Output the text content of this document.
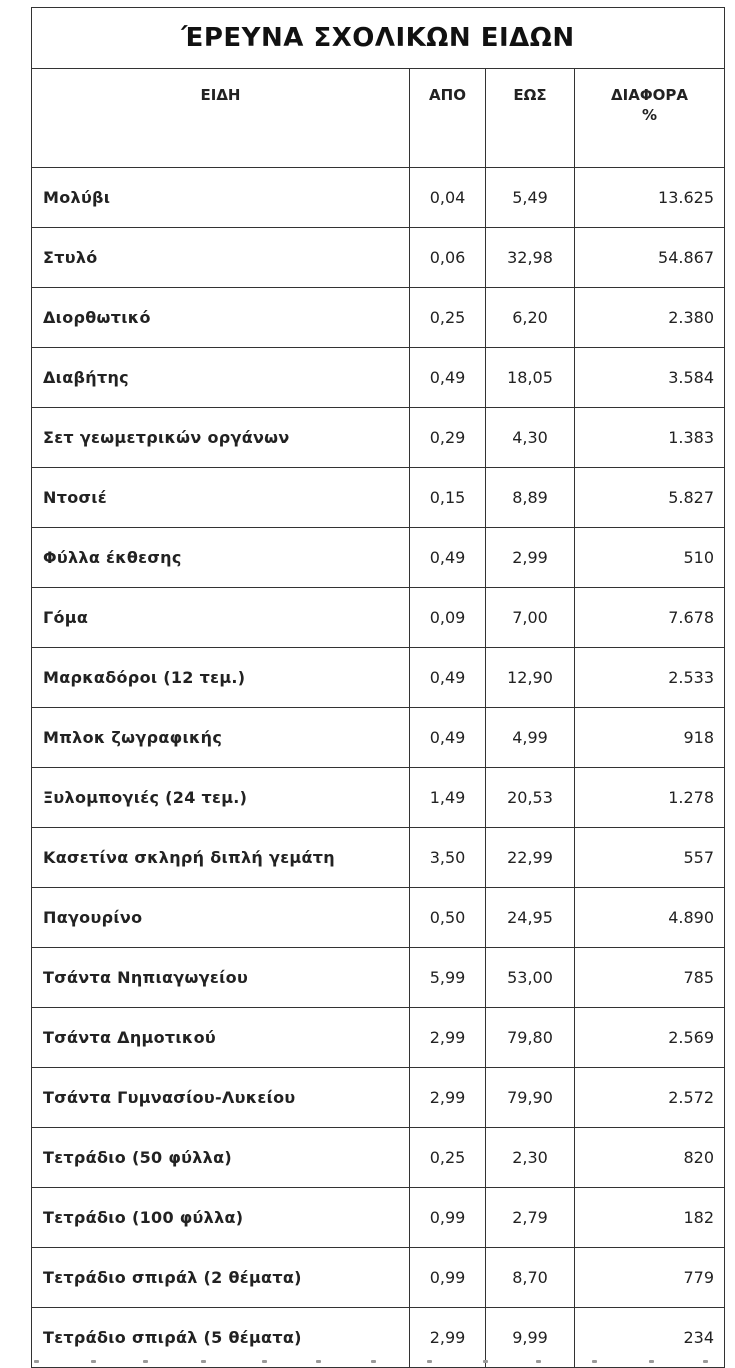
ΈΡΕΥΝΑ ΣΧΟΛΙΚΩΝ ΕΙΔΩΝ			
ΕΙΔΗ	ΑΠΟ	ΕΩΣ	ΔΙΑΦΟΡΑ
%
Μολύβι	0,04	5,49	13.625
Στυλό	0,06	32,98	54.867
Διορθωτικό	0,25	6,20	2.380
Διαβήτης	0,49	18,05	3.584
Σετ γεωμετρικών οργάνων	0,29	4,30	1.383
Ντοσιέ	0,15	8,89	5.827
Φύλλα έκθεσης	0,49	2,99	510
Γόμα	0,09	7,00	7.678
Μαρκαδόροι (12 τεμ.)	0,49	12,90	2.533
Μπλοκ ζωγραφικής	0,49	4,99	918
Ξυλομπογιές (24 τεμ.)	1,49	20,53	1.278
Κασετίνα σκληρή διπλή γεμάτη	3,50	22,99	557
Παγουρίνο	0,50	24,95	4.890
Τσάντα Νηπιαγωγείου	5,99	53,00	785
Τσάντα Δημοτικού	2,99	79,80	2.569
Τσάντα Γυμνασίου-Λυκείου	2,99	79,90	2.572
Τετράδιο (50 φύλλα)	0,25	2,30	820
Τετράδιο (100 φύλλα)	0,99	2,79	182
Τετράδιο σπιράλ (2 θέματα)	0,99	8,70	779
Τετράδιο σπιράλ (5 θέματα)	2,99	9,99	234
